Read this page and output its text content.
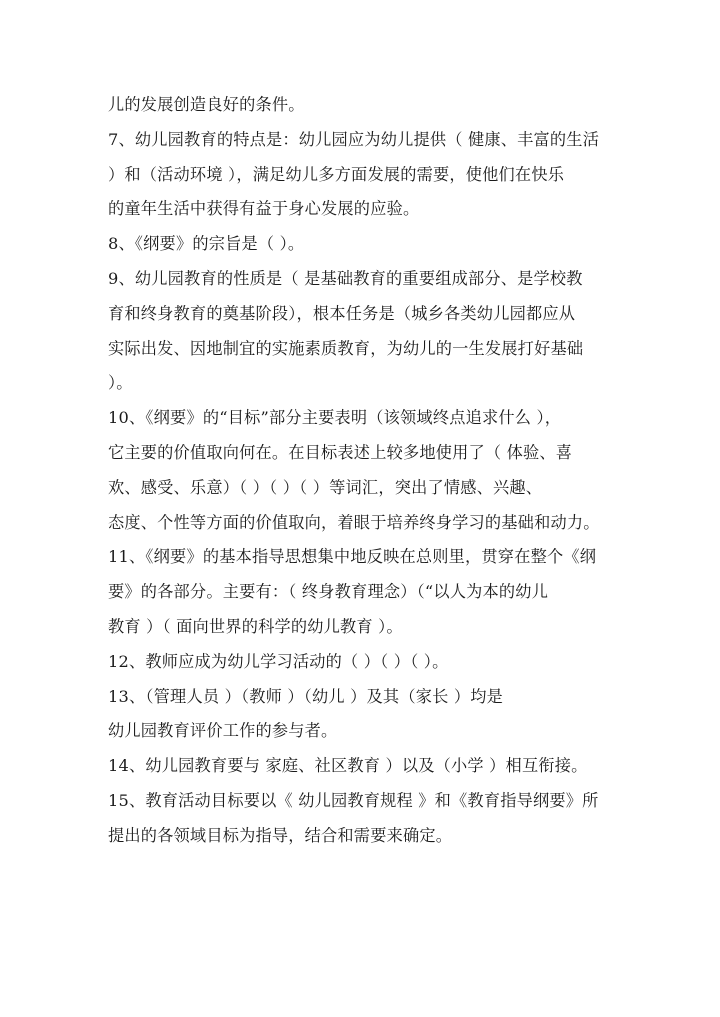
儿的发展创造良好的条件。
7、幼儿园教育的特点是：幼儿园应为幼儿提供（ 健康、丰富的生活
）和（活动环境 ），满足幼儿多方面发展的需要，使他们在快乐
的童年生活中获得有益于身心发展的应验。
8、《纲要》的宗旨是（ ）。
9、幼儿园教育的性质是（ 是基础教育的重要组成部分、是学校教
育和终身教育的奠基阶段），根本任务是（城乡各类幼儿园都应从
实际出发、因地制宜的实施素质教育，为幼儿的一生发展打好基础
）。
10、《纲要》的“目标”部分主要表明（该领域终点追求什么 ），
它主要的价值取向何在。在目标表述上较多地使用了（ 体验、喜
欢、感受、乐意）（ ）（ ）（ ）等词汇，突出了情感、兴趣、
态度、个性等方面的价值取向，着眼于培养终身学习的基础和动力。
11、《纲要》的基本指导思想集中地反映在总则里，贯穿在整个《纲
要》的各部分。主要有：（ 终身教育理念）（“以人为本的幼儿
教育 ）（ 面向世界的科学的幼儿教育 ）。
12、教师应成为幼儿学习活动的（ ）（ ）（ ）。
13、（管理人员 ）（教师 ）（幼儿 ）及其（家长 ）均是
幼儿园教育评价工作的参与者。
14、幼儿园教育要与 家庭、社区教育 ）以及（小学 ）相互衔接。
15、教育活动目标要以《 幼儿园教育规程 》和《教育指导纲要》所
提出的各领域目标为指导，结合和需要来确定。
